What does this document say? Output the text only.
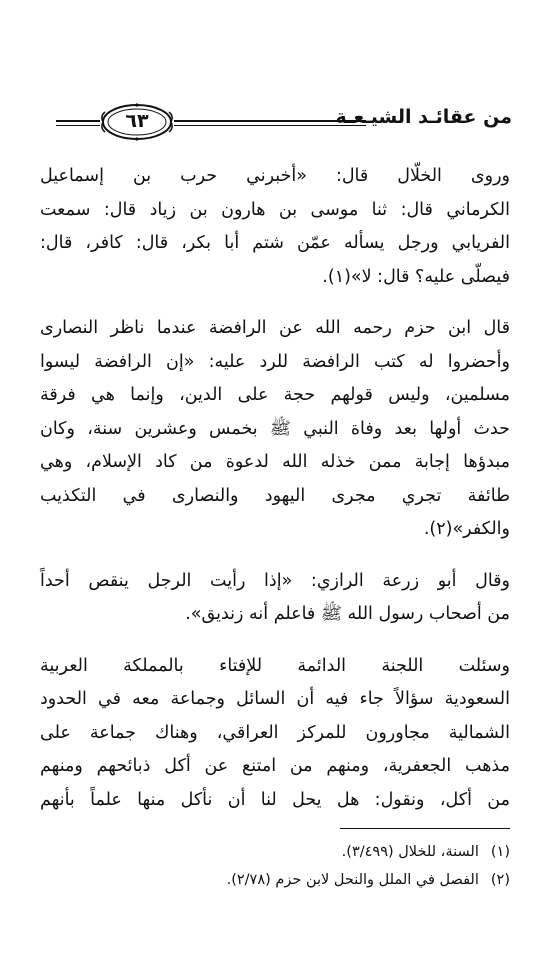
٦٣	من عقائـد الشيـعـة
وروى الخلّال قال: «أخبرني حرب بن إسماعيل
الكرماني قال: ثنا موسى بن هارون بن زياد قال: سمعت
الفريابي ورجل يسأله عمّن شتم أبا بكر، قال: كافر، قال:
فيصلّى عليه؟ قال: لا»(١).
قال ابن حزم رحمه الله عن الرافضة عندما ناظر النصارى
وأحضروا له كتب الرافضة للرد عليه: «إن الرافضة ليسوا
مسلمين، وليس قولهم حجة على الدين، وإنما هي فرقة
حدث أولها بعد وفاة النبي ﷺ بخمس وعشرين سنة، وكان
مبدؤها إجابة ممن خذله الله لدعوة من كاد الإسلام، وهي
طائفة تجري مجرى اليهود والنصارى في التكذيب
والكفر»(٢).
وقال أبو زرعة الرازي: «إذا رأيت الرجل ينقص أحداً
من أصحاب رسول الله ﷺ فاعلم أنه زنديق».
وسئلت اللجنة الدائمة للإفتاء بالمملكة العربية
السعودية سؤالاً جاء فيه أن السائل وجماعة معه في الحدود
الشمالية مجاورون للمركز العراقي، وهناك جماعة على
مذهب الجعفرية، ومنهم من امتنع عن أكل ذبائحهم ومنهم
من أكل، ونقول: هل يحل لنا أن نأكل منها علماً بأنهم
(١)السنة، للخلال (٣/٤٩٩).
(٢)الفصل في الملل والنحل لابن حزم (٢/٧٨).
